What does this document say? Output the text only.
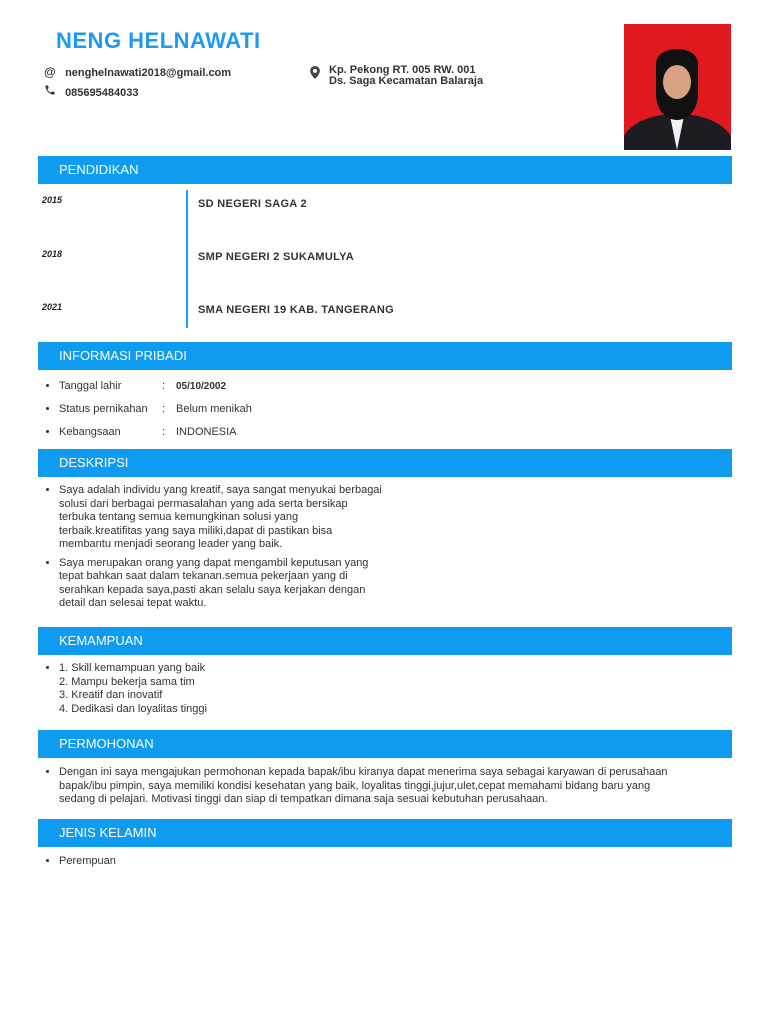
NENG HELNAWATI
@ nenghelnawati2018@gmail.com
085695484033
Kp. Pekong RT. 005 RW. 001
Ds. Saga Kecamatan Balaraja
PENDIDIKAN
2015	SD NEGERI SAGA 2
2018	SMP NEGERI 2 SUKAMULYA
2021	SMA NEGERI 19 KAB. TANGERANG
INFORMASI PRIBADI
• Tanggal lahir	: 05/10/2002
• Status pernikahan : Belum menikah
• Kebangsaan	: INDONESIA
DESKRIPSI
• Saya adalah individu yang kreatif, saya sangat menyukai berbagai
solusi dari berbagai permasalahan yang ada serta bersikap
terbuka tentang semua kemungkinan solusi yang
terbaik.kreatifitas yang saya miliki,dapat di pastikan bisa
membantu menjadi seorang leader yang baik.
• Saya merupakan orang yang dapat mengambil keputusan yang
tepat bahkan saat dalam tekanan.semua pekerjaan yang di
serahkan kepada saya,pasti akan selalu saya kerjakan dengan
detail dan selesai tepat waktu.
KEMAMPUAN
• 1. Skill kemampuan yang baik
2. Mampu bekerja sama tim
3. Kreatif dan inovatif
4. Dedikasi dan loyalitas tinggi
PERMOHONAN
• Dengan ini saya mengajukan permohonan kepada bapak/ibu kiranya dapat menerima saya sebagai karyawan di perusahaan
bapak/ibu pimpin, saya memiliki kondisi kesehatan yang baik, loyalitas tinggi,jujur,ulet,cepat memahami bidang baru yang
sedang di pelajari. Motivasi tinggi dan siap di tempatkan dimana saja sesuai kebutuhan perusahaan.
JENIS KELAMIN
• Perempuan
